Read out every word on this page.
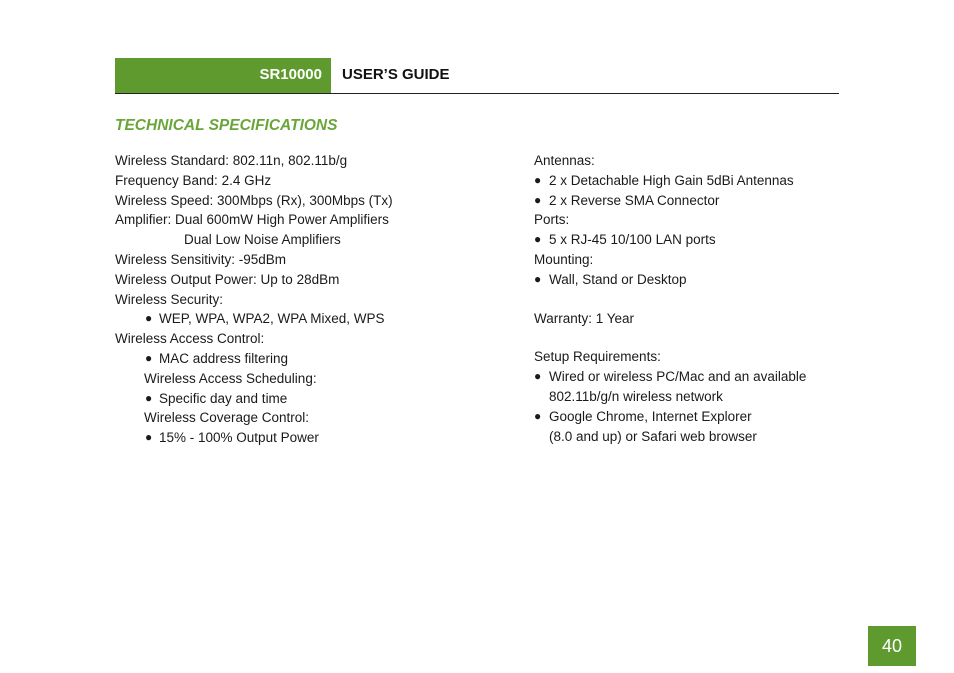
SR10000 USER’S GUIDE
TECHNICAL SPECIFICATIONS
Wireless Standard: 802.11n, 802.11b/g
Frequency Band: 2.4 GHz
Wireless Speed: 300Mbps (Rx), 300Mbps (Tx)
Amplifier: Dual 600mW High Power Amplifiers
Dual Low Noise Amplifiers
Wireless Sensitivity: -95dBm
Wireless Output Power: Up to 28dBm
Wireless Security:
● WEP, WPA, WPA2, WPA Mixed, WPS
Wireless Access Control:
● MAC address filtering
Wireless Access Scheduling:
● Specific day and time
Wireless Coverage Control:
● 15% - 100% Output Power
Antennas:
● 2 x Detachable High Gain 5dBi Antennas
● 2 x Reverse SMA Connector
Ports:
● 5 x RJ-45 10/100 LAN ports
Mounting:
● Wall, Stand or Desktop
Warranty: 1 Year
Setup Requirements:
● Wired or wireless PC/Mac and an available
802.11b/g/n wireless network
● Google Chrome, Internet Explorer
(8.0 and up) or Safari web browser
40
